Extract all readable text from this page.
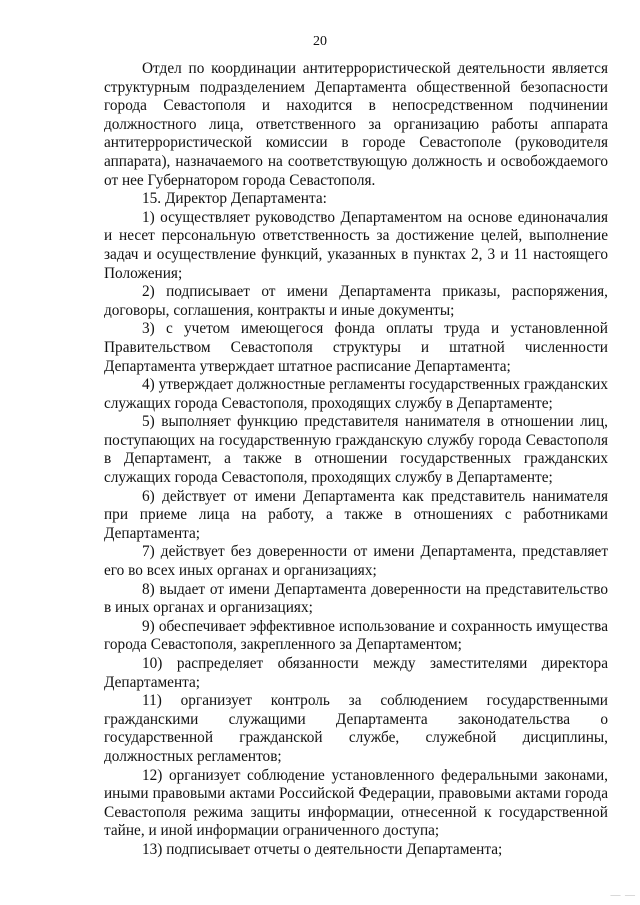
20

Отдел по координации антитеррористической деятельности является структурным подразделением Департамента общественной безопасности города Севастополя и находится в непосредственном подчинении должностного лица, ответственного за организацию работы аппарата антитеррористической комиссии в городе Севастополе (руководителя аппарата), назначаемого на соответствующую должность и освобождаемого от нее Губернатором города Севастополя.

15. Директор Департамента:

1) осуществляет руководство Департаментом на основе единоначалия и несет персональную ответственность за достижение целей, выполнение задач и осуществление функций, указанных в пунктах 2, 3 и 11 настоящего Положения;

2) подписывает от имени Департамента приказы, распоряжения, договоры, соглашения, контракты и иные документы;

3) с учетом имеющегося фонда оплаты труда и установленной Правительством Севастополя структуры и штатной численности Департамента утверждает штатное расписание Департамента;

4) утверждает должностные регламенты государственных гражданских служащих города Севастополя, проходящих службу в Департаменте;

5) выполняет функцию представителя нанимателя в отношении лиц, поступающих на государственную гражданскую службу города Севастополя в Департамент, а также в отношении государственных гражданских служащих города Севастополя, проходящих службу в Департаменте;

6) действует от имени Департамента как представитель нанимателя при приеме лица на работу, а также в отношениях с работниками Департамента;

7) действует без доверенности от имени Департамента, представляет его во всех иных органах и организациях;

8) выдает от имени Департамента доверенности на представительство в иных органах и организациях;

9) обеспечивает эффективное использование и сохранность имущества города Севастополя, закрепленного за Департаментом;

10) распределяет обязанности между заместителями директора Департамента;

11) организует контроль за соблюдением государственными гражданскими служащими Департамента законодательства о государственной гражданской службе, служебной дисциплины, должностных регламентов;

12) организует соблюдение установленного федеральными законами, иными правовыми актами Российской Федерации, правовыми актами города Севастополя режима защиты информации, отнесенной к государственной тайне, и иной информации ограниченного доступа;

13) подписывает отчеты о деятельности Департамента;

— —
